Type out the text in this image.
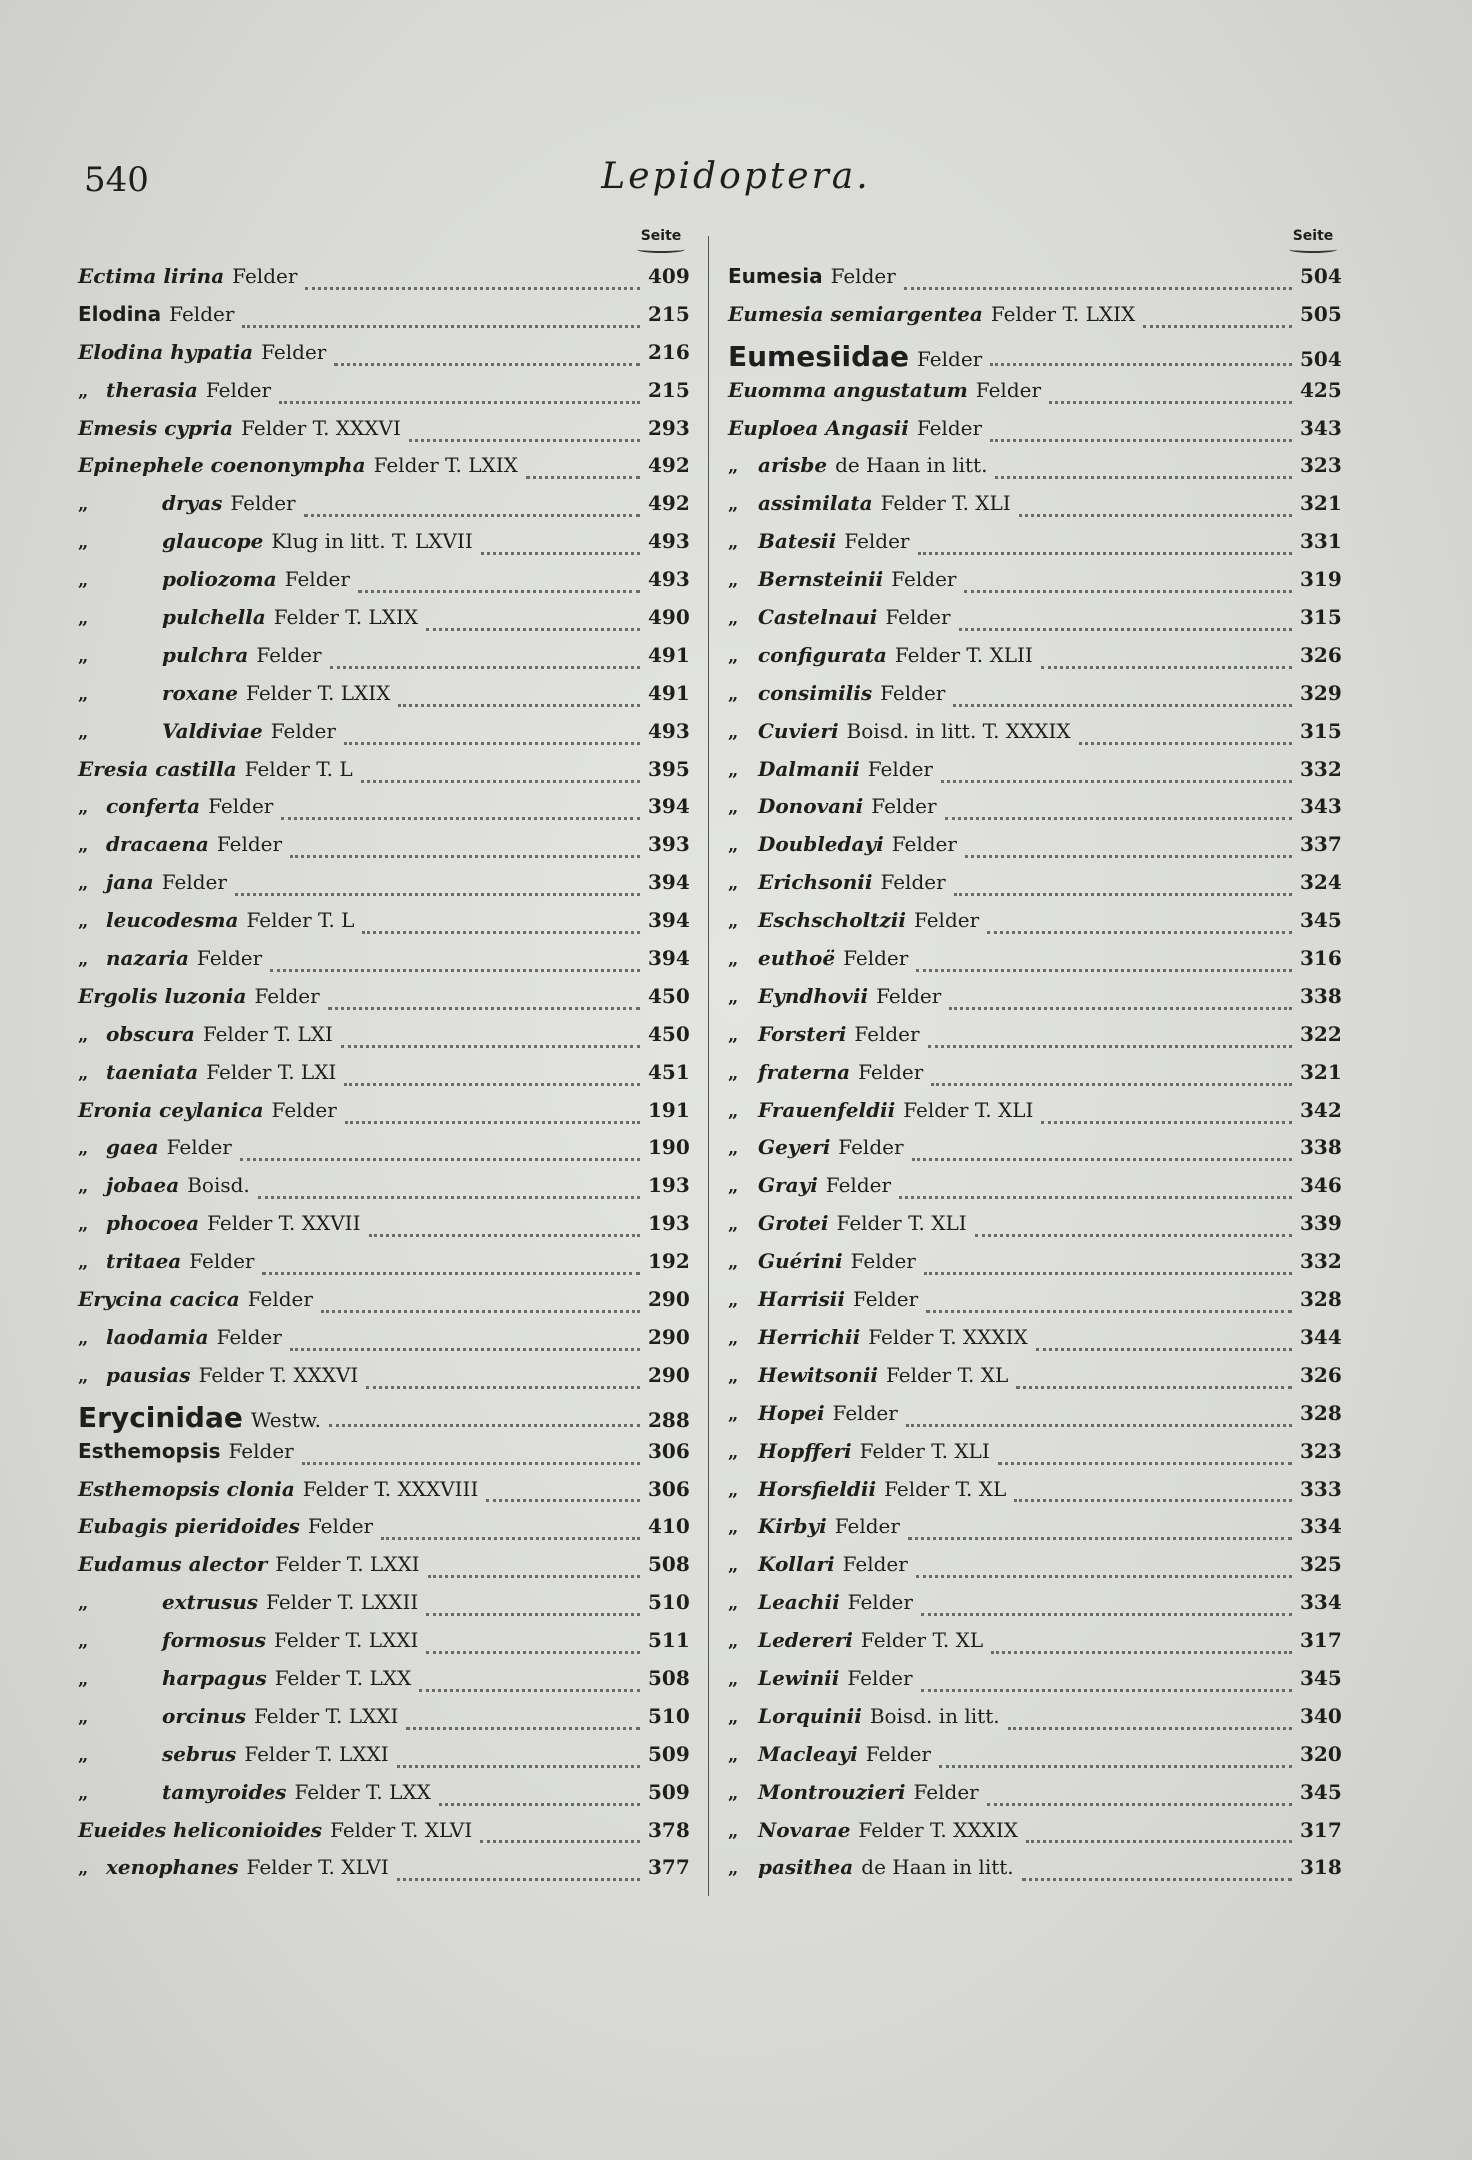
540	Lepidoptera.
Seite
Ectima lirina Felder	409
Elodina Felder	215
Elodina hypatia Felder	216
„ therasia Felder	215
Emesis cypria Felder T. XXXVI	293
Epinephele coenonympha Felder T. LXIX	492
„	dryas Felder	492
„	glaucope Klug in litt. T. LXVII	493
„	poliozoma Felder	493
„	pulchella Felder T. LXIX	490
„	pulchra Felder	491
„	roxane Felder T. LXIX	491
„	Valdiviae Felder	493
Eresia castilla Felder T. L	395
„ conferta Felder	394
„ dracaena Felder	393
„ jana Felder	394
„ leucodesma Felder T. L	394
„ nazaria Felder	394
Ergolis luzonia Felder	450
„ obscura Felder T. LXI	450
„ taeniata Felder T. LXI	451
Eronia ceylanica Felder	191
„ gaea Felder	190
„ jobaea Boisd.	193
„ phocoea Felder T. XXVII	193
„ tritaea Felder	192
Erycina cacica Felder	290
„ laodamia Felder	290
„ pausias Felder T. XXXVI	290
Erycinidae Westw.	288
Esthemopsis Felder	306
Esthemopsis clonia Felder T. XXXVIII	306
Eubagis pieridoides Felder	410
Eudamus alector Felder T. LXXI	508
„	extrusus Felder T. LXXII	510
„	formosus Felder T. LXXI	511
„	harpagus Felder T. LXX	508
„	orcinus Felder T. LXXI	510
„	sebrus Felder T. LXXI	509
„	tamyroides Felder T. LXX	509
Eueides heliconioides Felder T. XLVI	378
„ xenophanes Felder T. XLVI	377
Seite
Eumesia Felder	504
Eumesia semiargentea Felder T. LXIX	505
Eumesiidae Felder	504
Euomma angustatum Felder	425
Euploea Angasii Felder	343
„ arisbe de Haan in litt.	323
„ assimilata Felder T. XLI	321
„ Batesii Felder	331
„ Bernsteinii Felder	319
„ Castelnaui Felder	315
„ configurata Felder T. XLII	326
„ consimilis Felder	329
„ Cuvieri Boisd. in litt. T. XXXIX	315
„ Dalmanii Felder	332
„ Donovani Felder	343
„ Doubledayi Felder	337
„ Erichsonii Felder	324
„ Eschscholtzii Felder	345
„ euthoë Felder	316
„ Eyndhovii Felder	338
„ Forsteri Felder	322
„ fraterna Felder	321
„ Frauenfeldii Felder T. XLI	342
„ Geyeri Felder	338
„ Grayi Felder	346
„ Grotei Felder T. XLI	339
„ Guérini Felder	332
„ Harrisii Felder	328
„ Herrichii Felder T. XXXIX	344
„ Hewitsonii Felder T. XL	326
„ Hopei Felder	328
„ Hopfferi Felder T. XLI	323
„ Horsfieldii Felder T. XL	333
„ Kirbyi Felder	334
„ Kollari Felder	325
„ Leachii Felder	334
„ Ledereri Felder T. XL	317
„ Lewinii Felder	345
„ Lorquinii Boisd. in litt.	340
„ Macleayi Felder	320
„ Montrouzieri Felder	345
„ Novarae Felder T. XXXIX	317
„ pasithea de Haan in litt.	318
